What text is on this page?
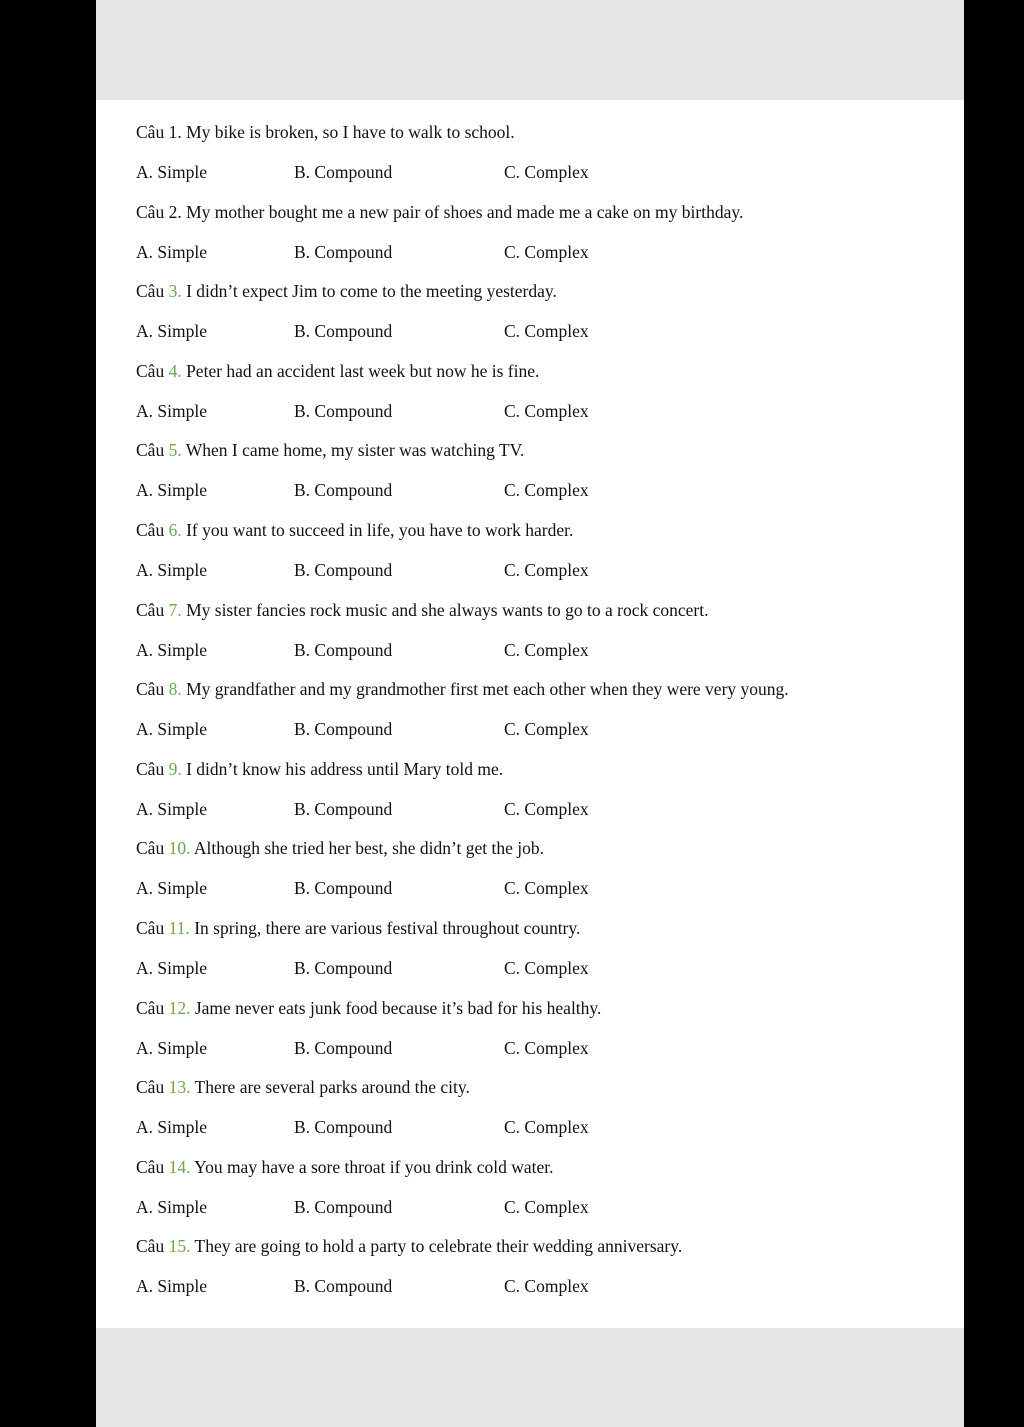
Câu 1. My bike is broken, so I have to walk to school.
A. Simple	B. Compound	C. Complex
Câu 2. My mother bought me a new pair of shoes and made me a cake on my birthday.
A. Simple	B. Compound	C. Complex
Câu 3. I didn’t expect Jim to come to the meeting yesterday.
A. Simple	B. Compound	C. Complex
Câu 4. Peter had an accident last week but now he is fine.
A. Simple	B. Compound	C. Complex
Câu 5. When I came home, my sister was watching TV.
A. Simple	B. Compound	C. Complex
Câu 6. If you want to succeed in life, you have to work harder.
A. Simple	B. Compound	C. Complex
Câu 7. My sister fancies rock music and she always wants to go to a rock concert.
A. Simple	B. Compound	C. Complex
Câu 8. My grandfather and my grandmother first met each other when they were very young.
A. Simple	B. Compound	C. Complex
Câu 9. I didn’t know his address until Mary told me.
A. Simple	B. Compound	C. Complex
Câu 10. Although she tried her best, she didn’t get the job.
A. Simple	B. Compound	C. Complex
Câu 11. In spring, there are various festival throughout country.
A. Simple	B. Compound	C. Complex
Câu 12. Jame never eats junk food because it’s bad for his healthy.
A. Simple	B. Compound	C. Complex
Câu 13. There are several parks around the city.
A. Simple	B. Compound	C. Complex
Câu 14. You may have a sore throat if you drink cold water.
A. Simple	B. Compound	C. Complex
Câu 15. They are going to hold a party to celebrate their wedding anniversary.
A. Simple	B. Compound	C. Complex
